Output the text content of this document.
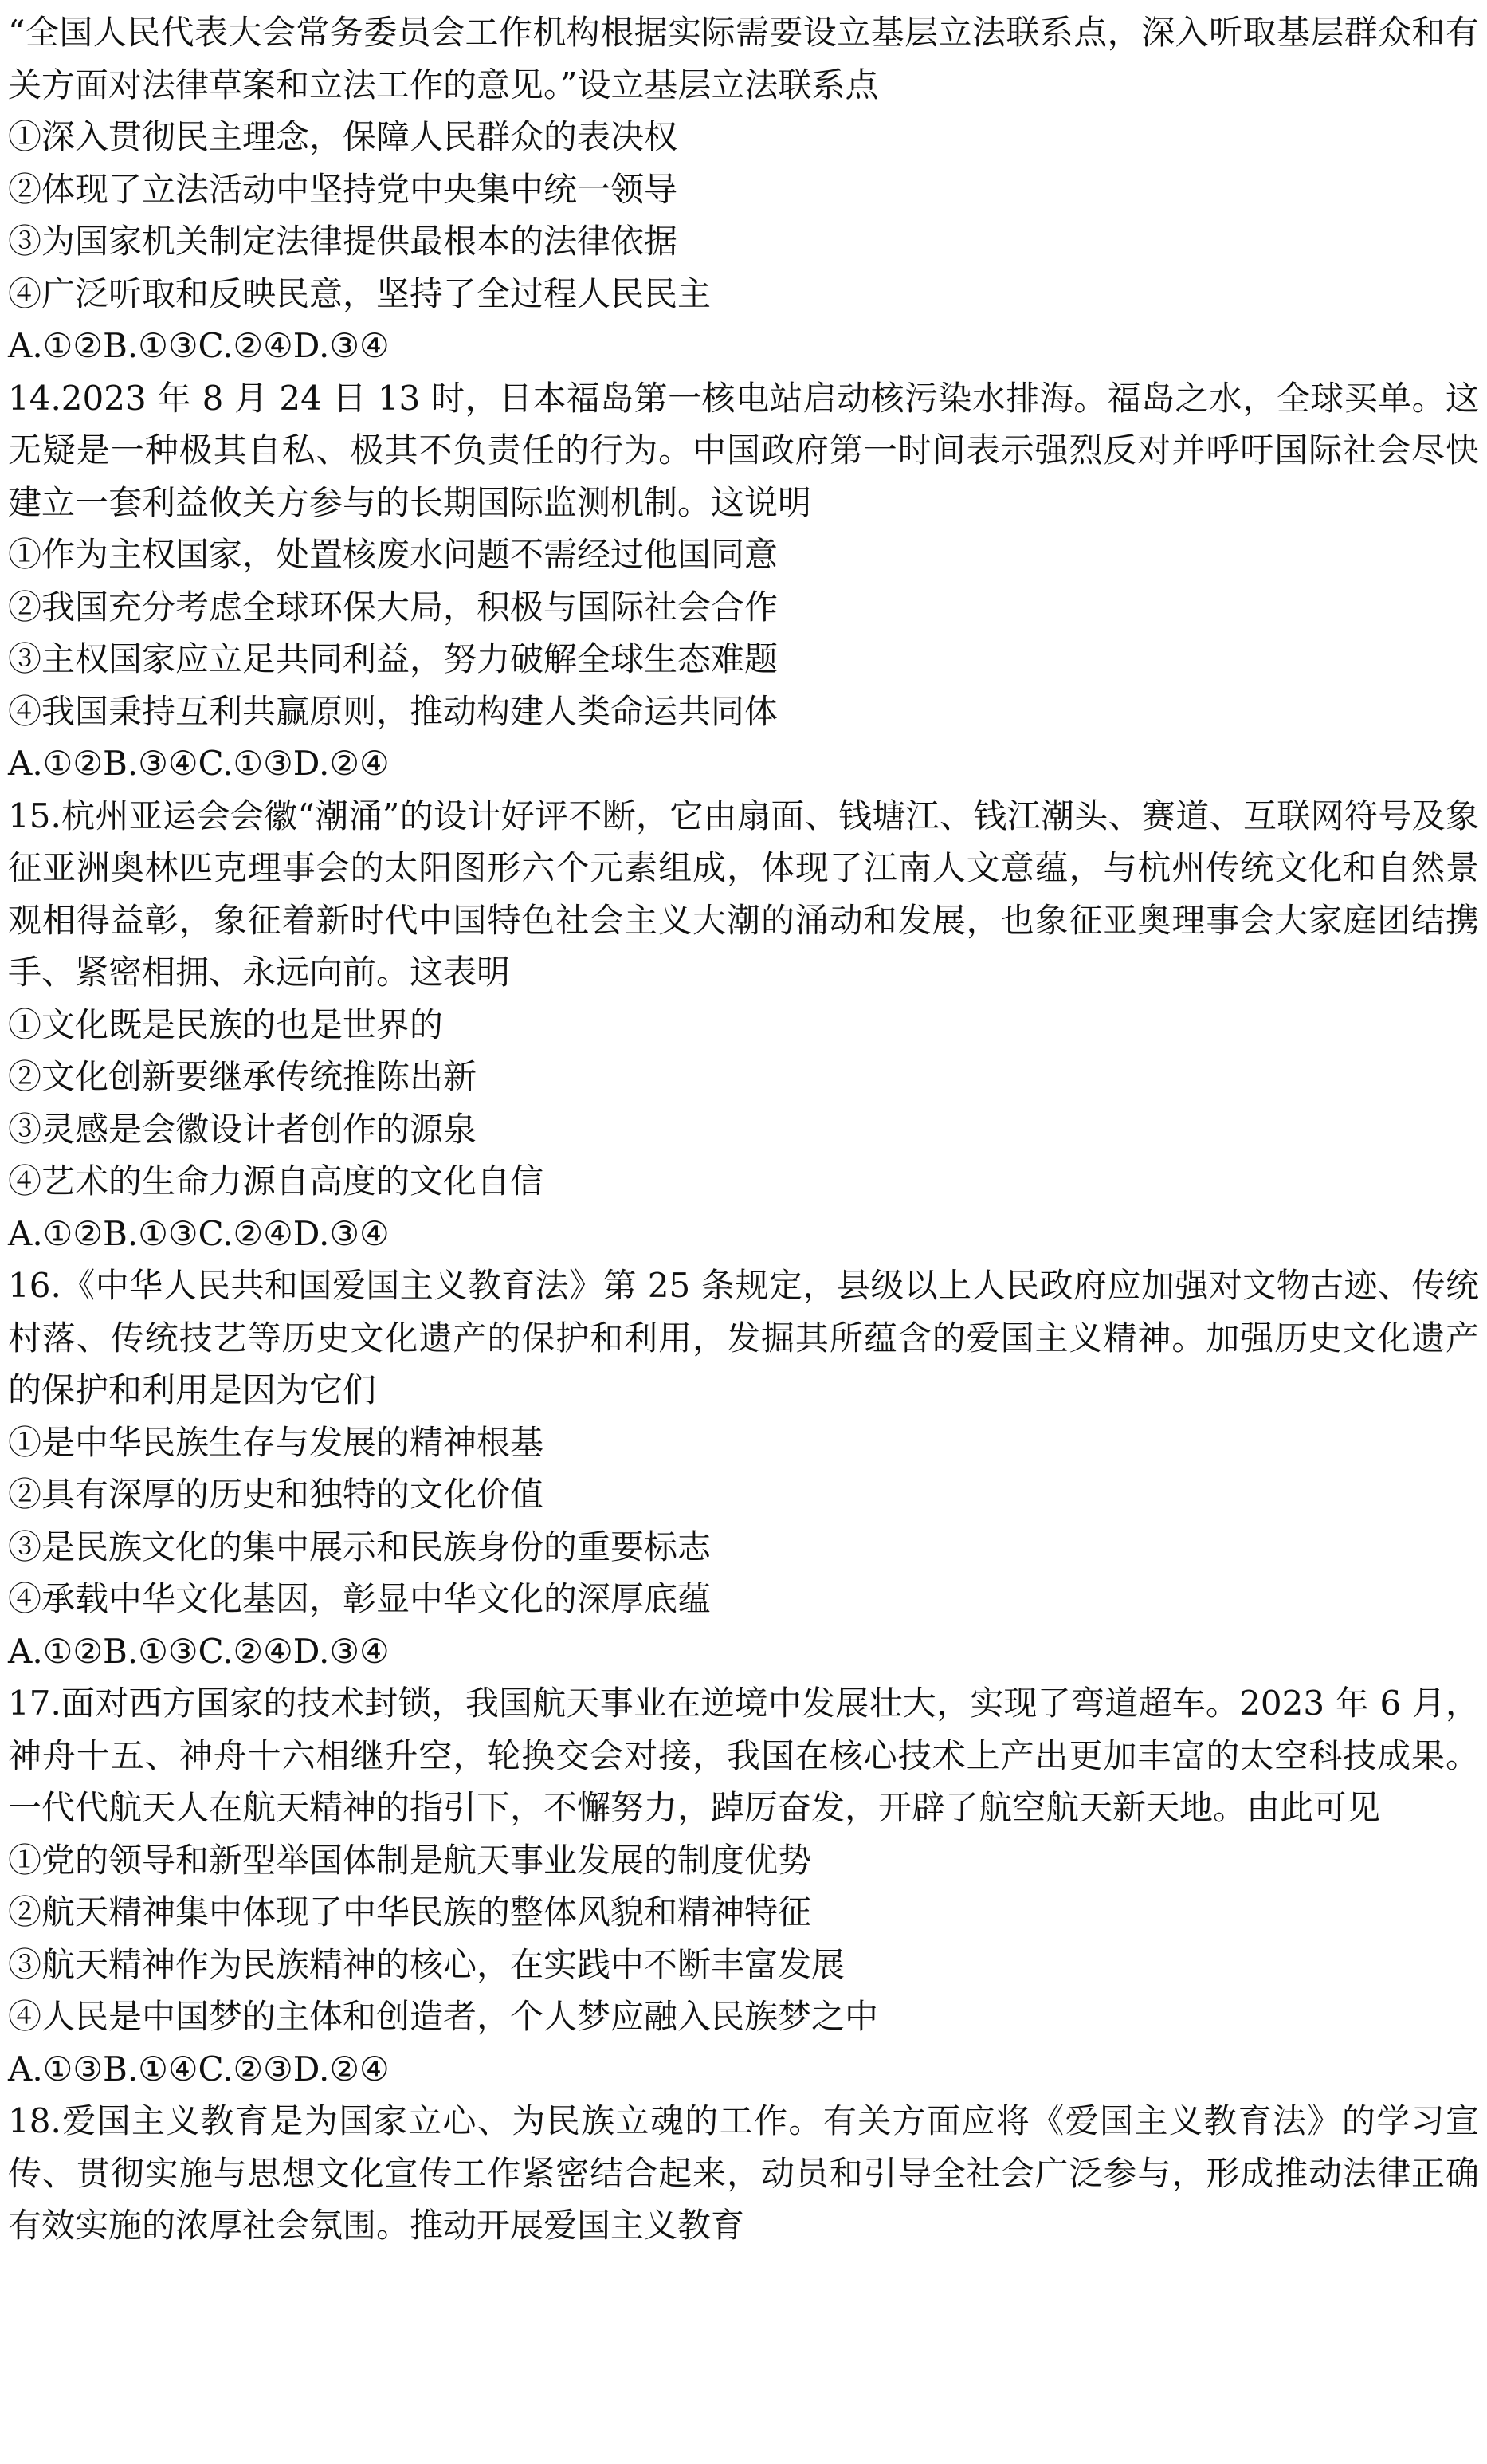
“全国人民代表大会常务委员会工作机构根据实际需要设立基层立法联系点，深入听取基层群众和有关方面对法律草案和立法工作的意见。”设立基层立法联系点

①深入贯彻民主理念，保障人民群众的表决权

②体现了立法活动中坚持党中央集中统一领导

③为国家机关制定法律提供最根本的法律依据

④广泛听取和反映民意，坚持了全过程人民民主

A.①②B.①③C.②④D.③④

14.2023 年 8 月 24 日 13 时，日本福岛第一核电站启动核污染水排海。福岛之水，全球买单。这无疑是一种极其自私、极其不负责任的行为。中国政府第一时间表示强烈反对并呼吁国际社会尽快建立一套利益攸关方参与的长期国际监测机制。这说明

①作为主权国家，处置核废水问题不需经过他国同意

②我国充分考虑全球环保大局，积极与国际社会合作

③主权国家应立足共同利益，努力破解全球生态难题

④我国秉持互利共赢原则，推动构建人类命运共同体

A.①②B.③④C.①③D.②④

15.杭州亚运会会徽“潮涌”的设计好评不断，它由扇面、钱塘江、钱江潮头、赛道、互联网符号及象征亚洲奥林匹克理事会的太阳图形六个元素组成，体现了江南人文意蕴，与杭州传统文化和自然景观相得益彰，象征着新时代中国特色社会主义大潮的涌动和发展，也象征亚奥理事会大家庭团结携手、紧密相拥、永远向前。这表明

①文化既是民族的也是世界的

②文化创新要继承传统推陈出新

③灵感是会徽设计者创作的源泉

④艺术的生命力源自高度的文化自信

A.①②B.①③C.②④D.③④

16.《中华人民共和国爱国主义教育法》第 25 条规定，县级以上人民政府应加强对文物古迹、传统村落、传统技艺等历史文化遗产的保护和利用，发掘其所蕴含的爱国主义精神。加强历史文化遗产的保护和利用是因为它们

①是中华民族生存与发展的精神根基

②具有深厚的历史和独特的文化价值

③是民族文化的集中展示和民族身份的重要标志

④承载中华文化基因，彰显中华文化的深厚底蕴

A.①②B.①③C.②④D.③④

17.面对西方国家的技术封锁，我国航天事业在逆境中发展壮大，实现了弯道超车。2023 年 6 月，神舟十五、神舟十六相继升空，轮换交会对接，我国在核心技术上产出更加丰富的太空科技成果。一代代航天人在航天精神的指引下，不懈努力，踔厉奋发，开辟了航空航天新天地。由此可见

①党的领导和新型举国体制是航天事业发展的制度优势

②航天精神集中体现了中华民族的整体风貌和精神特征

③航天精神作为民族精神的核心，在实践中不断丰富发展

④人民是中国梦的主体和创造者，个人梦应融入民族梦之中

A.①③B.①④C.②③D.②④

18.爱国主义教育是为国家立心、为民族立魂的工作。有关方面应将《爱国主义教育法》的学习宣传、贯彻实施与思想文化宣传工作紧密结合起来，动员和引导全社会广泛参与，形成推动法律正确有效实施的浓厚社会氛围。推动开展爱国主义教育
